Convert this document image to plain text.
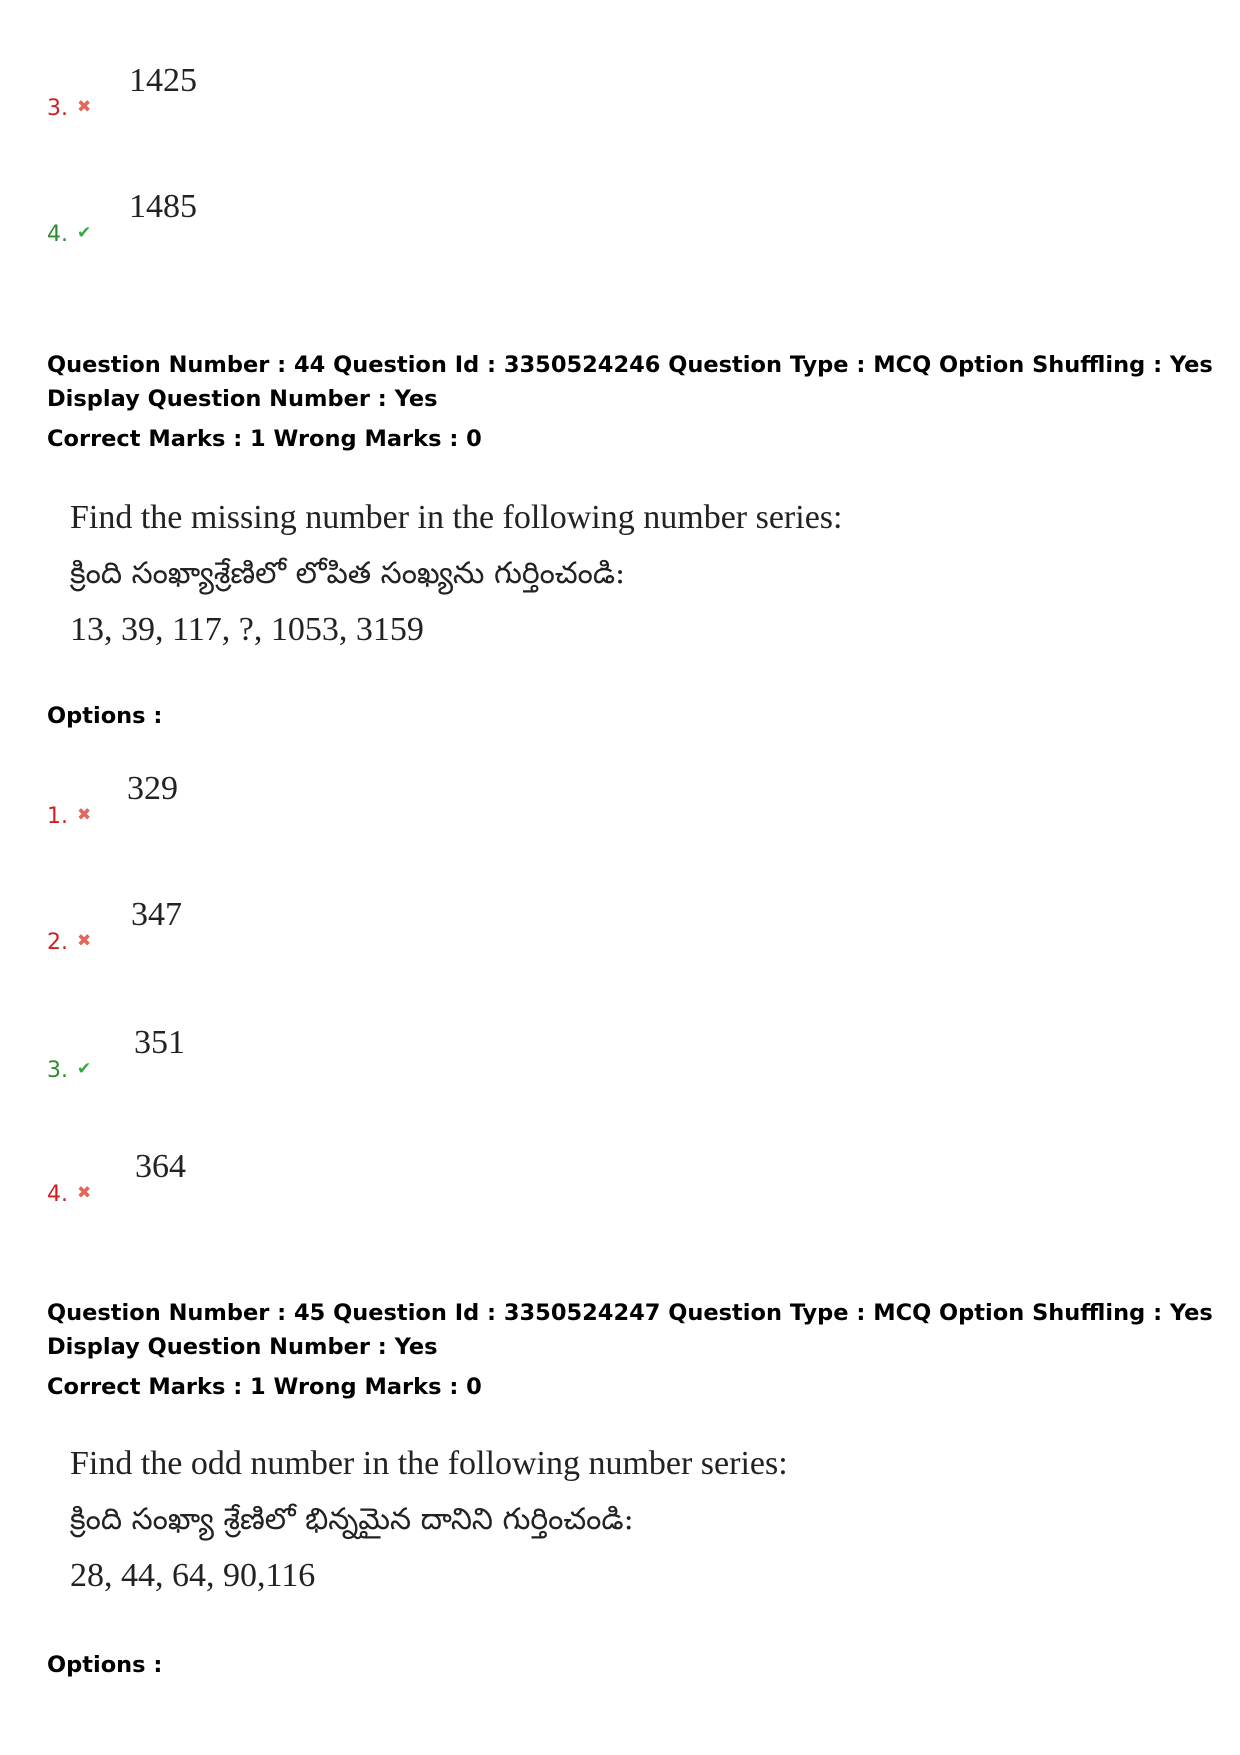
3. ✖
1425
4. ✔
1485
Question Number : 44 Question Id : 3350524246 Question Type : MCQ Option Shuffling : Yes
Display Question Number : Yes
Correct Marks : 1 Wrong Marks : 0
Find the missing number in the following number series:
క్రింది సంఖ్యాశ్రేణిలో లోపిత సంఖ్యను గుర్తించండి:
13, 39, 117, ?, 1053, 3159
Options :
1. ✖
329
2. ✖
347
3. ✔
351
4. ✖
364
Question Number : 45 Question Id : 3350524247 Question Type : MCQ Option Shuffling : Yes
Display Question Number : Yes
Correct Marks : 1 Wrong Marks : 0
Find the odd number in the following number series:
క్రింది సంఖ్యా శ్రేణిలో భిన్నమైన దానిని గుర్తించండి:
28, 44, 64, 90,116
Options :
